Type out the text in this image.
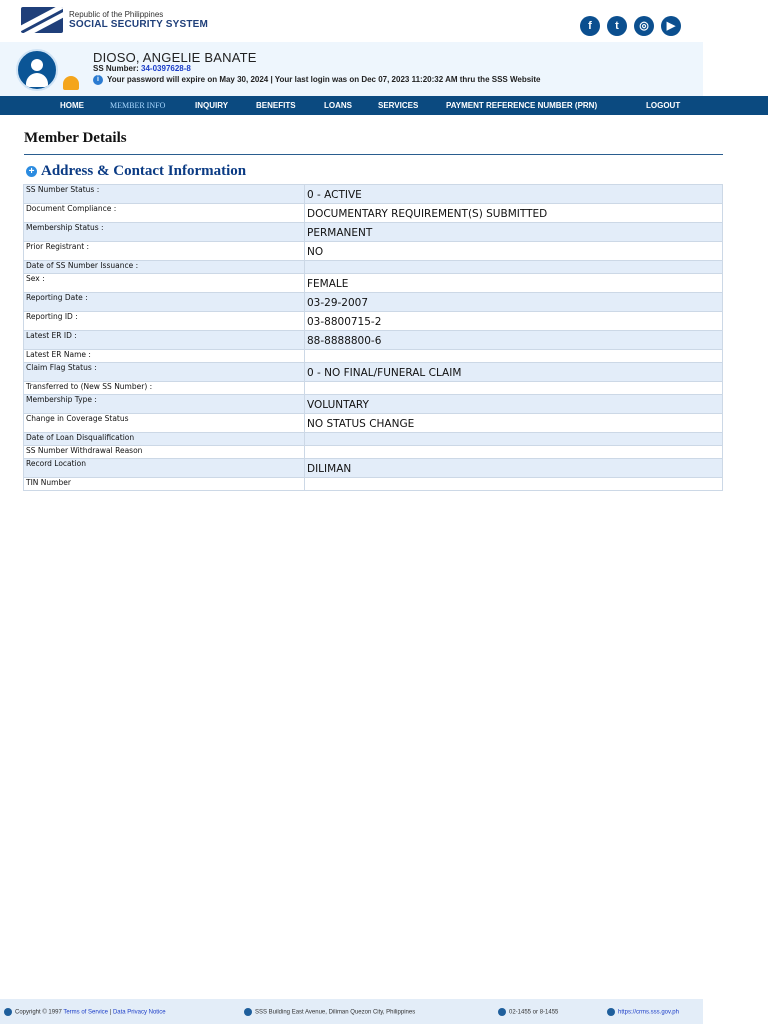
Republic of the Philippines
SOCIAL SECURITY SYSTEM	f	t	◎	▶
DIOSO, ANGELIE BANATE
SS Number: 34-0397628-8
i Your password will expire on May 30, 2024 | Your last login was on Dec 07, 2023 11:20:32 AM thru the SSS Website
HOME	MEMBER INFO	INQUIRY	BENEFITS	LOANS	SERVICES	PAYMENT REFERENCE NUMBER (PRN)	LOGOUT
Member Details
+ Address & Contact Information
SS Number Status :	0 - ACTIVE
Document Compliance :	DOCUMENTARY REQUIREMENT(S) SUBMITTED
Membership Status :	PERMANENT
Prior Registrant :	NO
Date of SS Number Issuance :	
Sex :	FEMALE
Reporting Date :	03-29-2007
Reporting ID :	03-8800715-2
Latest ER ID :	88-8888800-6
Latest ER Name :	
Claim Flag Status :	0 - NO FINAL/FUNERAL CLAIM
Transferred to (New SS Number) :	
Membership Type :	VOLUNTARY
Change in Coverage Status	NO STATUS CHANGE
Date of Loan Disqualification	
SS Number Withdrawal Reason	
Record Location	DILIMAN
TIN Number	
Copyright © 1997 Terms of Service | Data Privacy Notice	SSS Building East Avenue, Diliman Quezon City, Philippines	02-1455 or 8-1455	https://crms.sss.gov.ph
